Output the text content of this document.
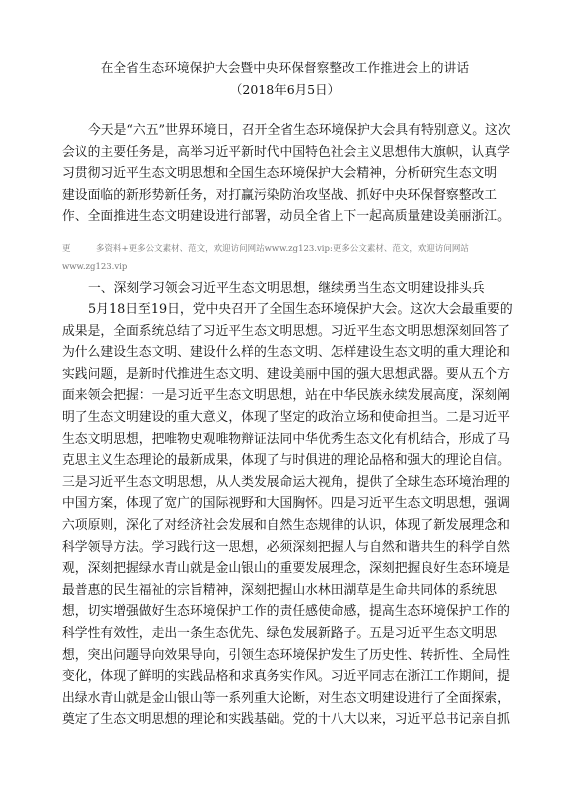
在全省生态环境保护大会暨中央环保督察整改工作推进会上的讲话
（2018年6月5日）
今天是“六五”世界环境日，召开全省生态环境保护大会具有特别意义。这次
会议的主要任务是，高举习近平新时代中国特色社会主义思想伟大旗帜，认真学
习贯彻习近平生态文明思想和全国生态环境保护大会精神，分析研究生态文明
建设面临的新形势新任务，对打赢污染防治攻坚战、抓好中央环保督察整改工
作、全面推进生态文明建设进行部署，动员全省上下一起高质量建设美丽浙江。
更　　　多资料+更多公文素材、范文，欢迎访问网站www.zg123.vip:更多公文素材、范文，欢迎访问网站
www.zg123.vip
一、深刻学习领会习近平生态文明思想，继续勇当生态文明建设排头兵
5月18日至19日，党中央召开了全国生态环境保护大会。这次大会最重要的
成果是，全面系统总结了习近平生态文明思想。习近平生态文明思想深刻回答了
为什么建设生态文明、建设什么样的生态文明、怎样建设生态文明的重大理论和
实践问题，是新时代推进生态文明、建设美丽中国的强大思想武器。要从五个方
面来领会把握：一是习近平生态文明思想，站在中华民族永续发展高度，深刻阐
明了生态文明建设的重大意义，体现了坚定的政治立场和使命担当。二是习近平
生态文明思想，把唯物史观唯物辩证法同中华优秀生态文化有机结合，形成了马
克思主义生态理论的最新成果，体现了与时俱进的理论品格和强大的理论自信。
三是习近平生态文明思想，从人类发展命运大视角，提供了全球生态环境治理的
中国方案，体现了宽广的国际视野和大国胸怀。四是习近平生态文明思想，强调
六项原则，深化了对经济社会发展和自然生态规律的认识，体现了新发展理念和
科学领导方法。学习践行这一思想，必须深刻把握人与自然和谐共生的科学自然
观，深刻把握绿水青山就是金山银山的重要发展理念，深刻把握良好生态环境是
最普惠的民生福祉的宗旨精神，深刻把握山水林田湖草是生命共同体的系统思
想，切实增强做好生态环境保护工作的责任感使命感，提高生态环境保护工作的
科学性有效性，走出一条生态优先、绿色发展新路子。五是习近平生态文明思
想，突出问题导向效果导向，引领生态环境保护发生了历史性、转折性、全局性
变化，体现了鲜明的实践品格和求真务实作风。习近平同志在浙江工作期间，提
出绿水青山就是金山银山等一系列重大论断，对生态文明建设进行了全面探索，
奠定了生态文明思想的理论和实践基础。党的十八大以来，习近平总书记亲自抓
